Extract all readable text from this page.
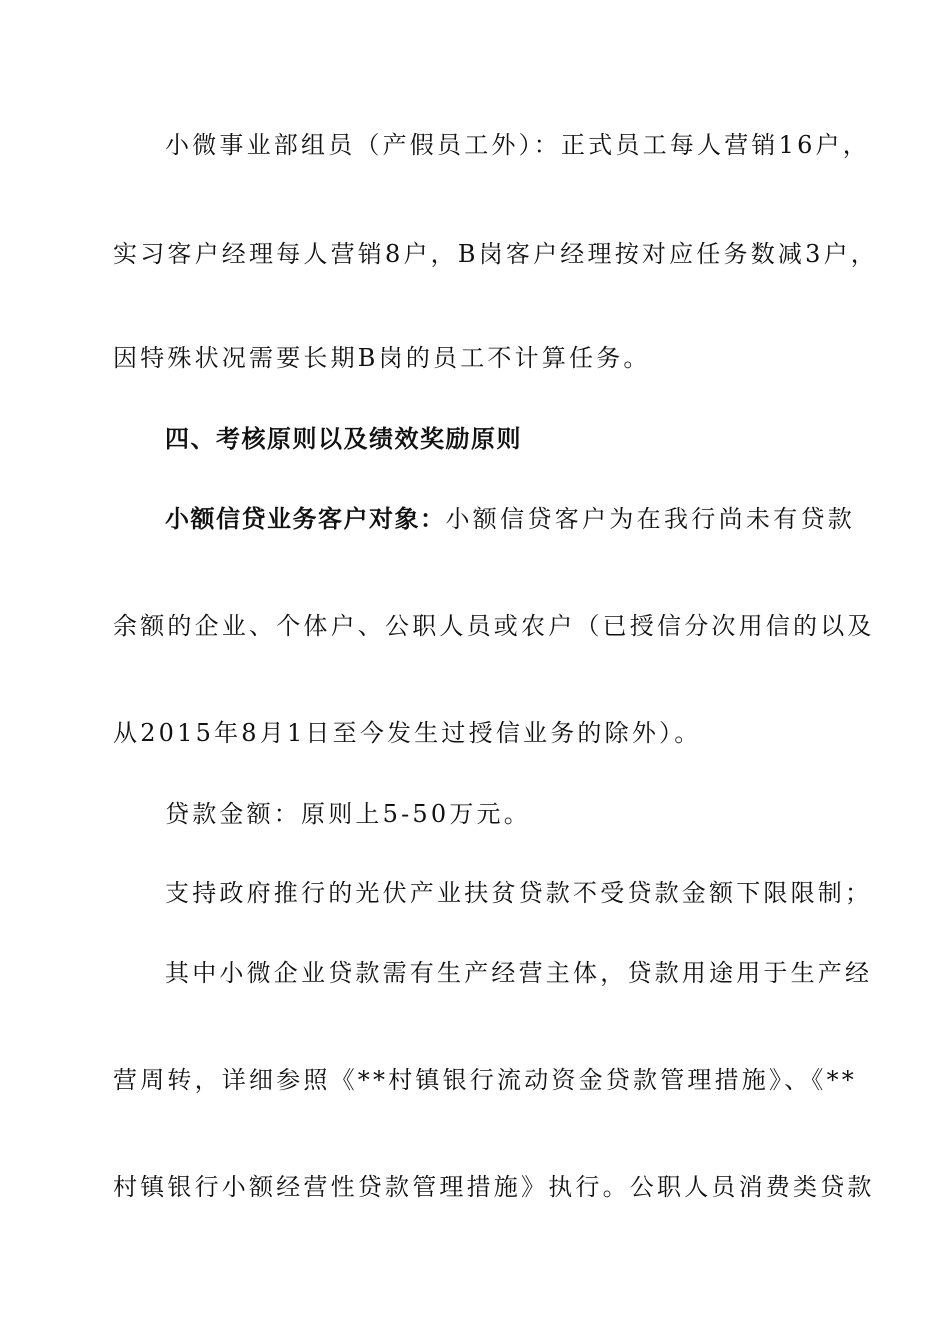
小微事业部组员（产假员工外）：正式员工每人营销16户，
实习客户经理每人营销8户，B岗客户经理按对应任务数减3户，
因特殊状况需要长期B岗的员工不计算任务。
四、考核原则以及绩效奖励原则
小额信贷业务客户对象： 小额信贷客户为在我行尚未有贷款
余额的企业、个体户、公职人员或农户（已授信分次用信的以及
从2015年8月1日至今发生过授信业务的除外）。
贷款金额：原则上5-50万元。
支持政府推行的光伏产业扶贫贷款不受贷款金额下限限制；
其中小微企业贷款需有生产经营主体，贷款用途用于生产经
营周转，详细参照《**村镇银行流动资金贷款管理措施》、《**
村镇银行小额经营性贷款管理措施》执行。公职人员消费类贷款
